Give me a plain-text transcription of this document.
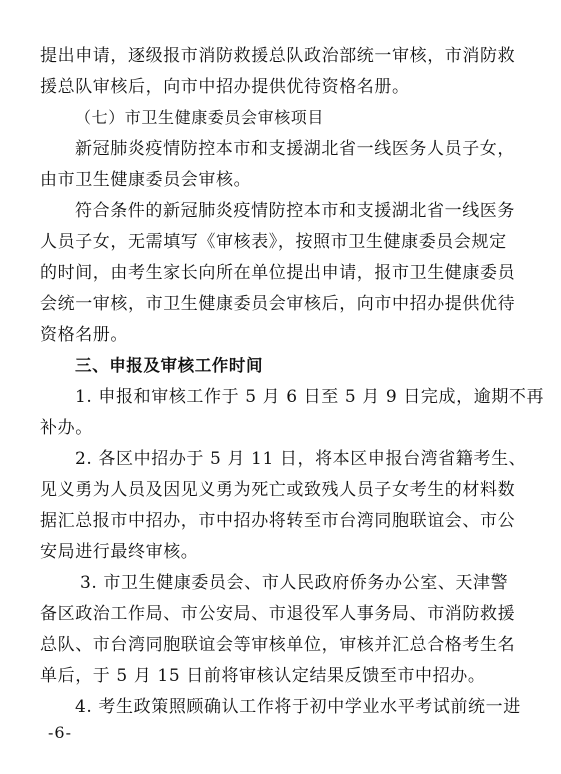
提出申请，逐级报市消防救援总队政治部统一审核，市消防救
援总队审核后，向市中招办提供优待资格名册。
（七）市卫生健康委员会审核项目
新冠肺炎疫情防控本市和支援湖北省一线医务人员子女，
由市卫生健康委员会审核。
符合条件的新冠肺炎疫情防控本市和支援湖北省一线医务
人员子女，无需填写《审核表》，按照市卫生健康委员会规定
的时间，由考生家长向所在单位提出申请，报市卫生健康委员
会统一审核，市卫生健康委员会审核后，向市中招办提供优待
资格名册。
三、申报及审核工作时间
1. 申报和审核工作于 5 月 6 日至 5 月 9 日完成，逾期不再
补办。
2. 各区中招办于 5 月 11 日，将本区申报台湾省籍考生、
见义勇为人员及因见义勇为死亡或致残人员子女考生的材料数
据汇总报市中招办，市中招办将转至市台湾同胞联谊会、市公
安局进行最终审核。
3. 市卫生健康委员会、市人民政府侨务办公室、天津警
备区政治工作局、市公安局、市退役军人事务局、市消防救援
总队、市台湾同胞联谊会等审核单位，审核并汇总合格考生名
单后，于 5 月 15 日前将审核认定结果反馈至市中招办。
4. 考生政策照顾确认工作将于初中学业水平考试前统一进
-6-
